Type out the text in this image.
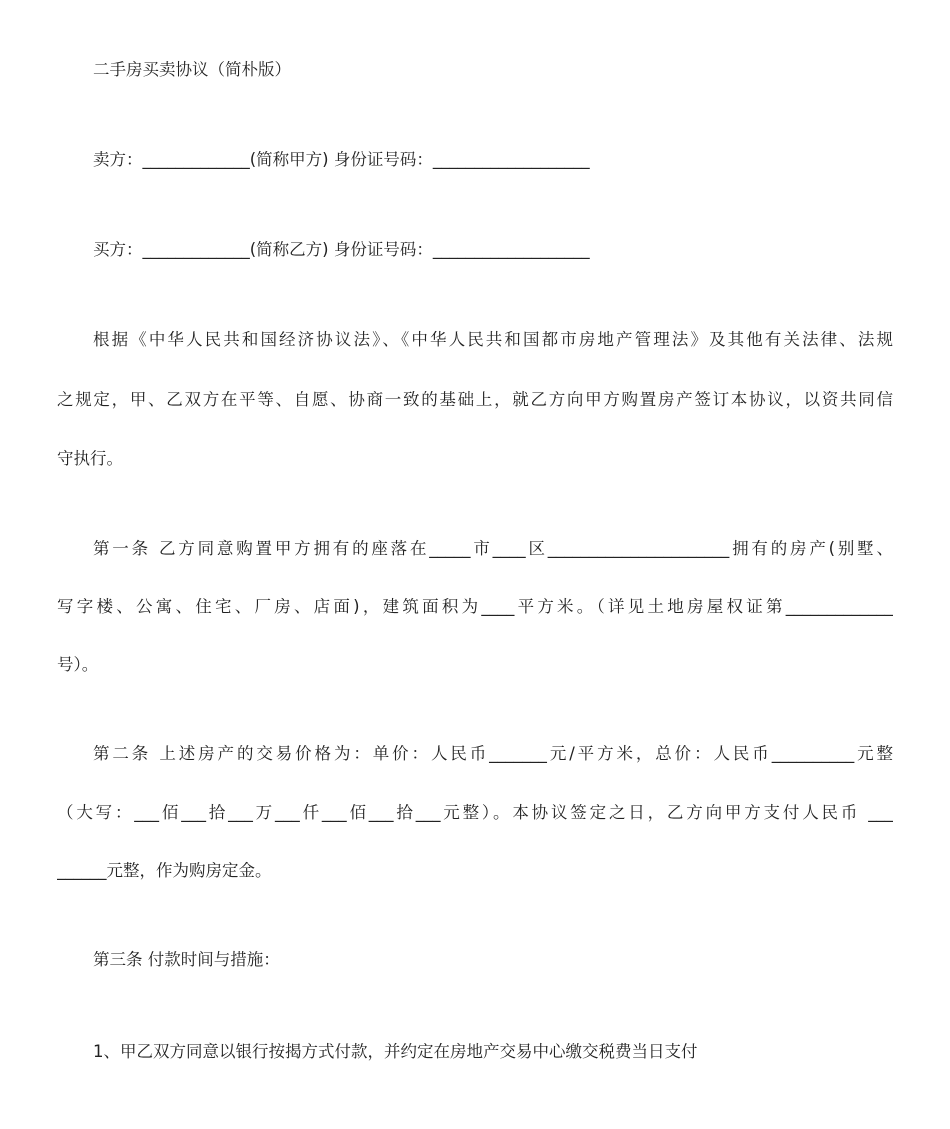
二手房买卖协议（简朴版）
卖方：_____________(简称甲方) 身份证号码：___________________
买方：_____________(简称乙方) 身份证号码：___________________
根据《中华人民共和国经济协议法》、《中华人民共和国都市房地产管理法》及其他有关法律、法规
之规定，甲、乙双方在平等、自愿、协商一致的基础上，就乙方向甲方购置房产签订本协议，以资共同信
守执行。
第一条 乙方同意购置甲方拥有的座落在_____市____区______________________拥有的房产(别墅、
写字楼、公寓、住宅、厂房、店面)，建筑面积为____平方米。（详见土地房屋权证第_____________
号）。
第二条 上述房产的交易价格为：单价：人民币_______元/平方米，总价：人民币__________元整
（大写：___佰___拾___万___仟___佰___拾___元整）。本协议签定之日，乙方向甲方支付人民币 ___
______元整，作为购房定金。
第三条 付款时间与措施：
1、甲乙双方同意以银行按揭方式付款，并约定在房地产交易中心缴交税费当日支付
